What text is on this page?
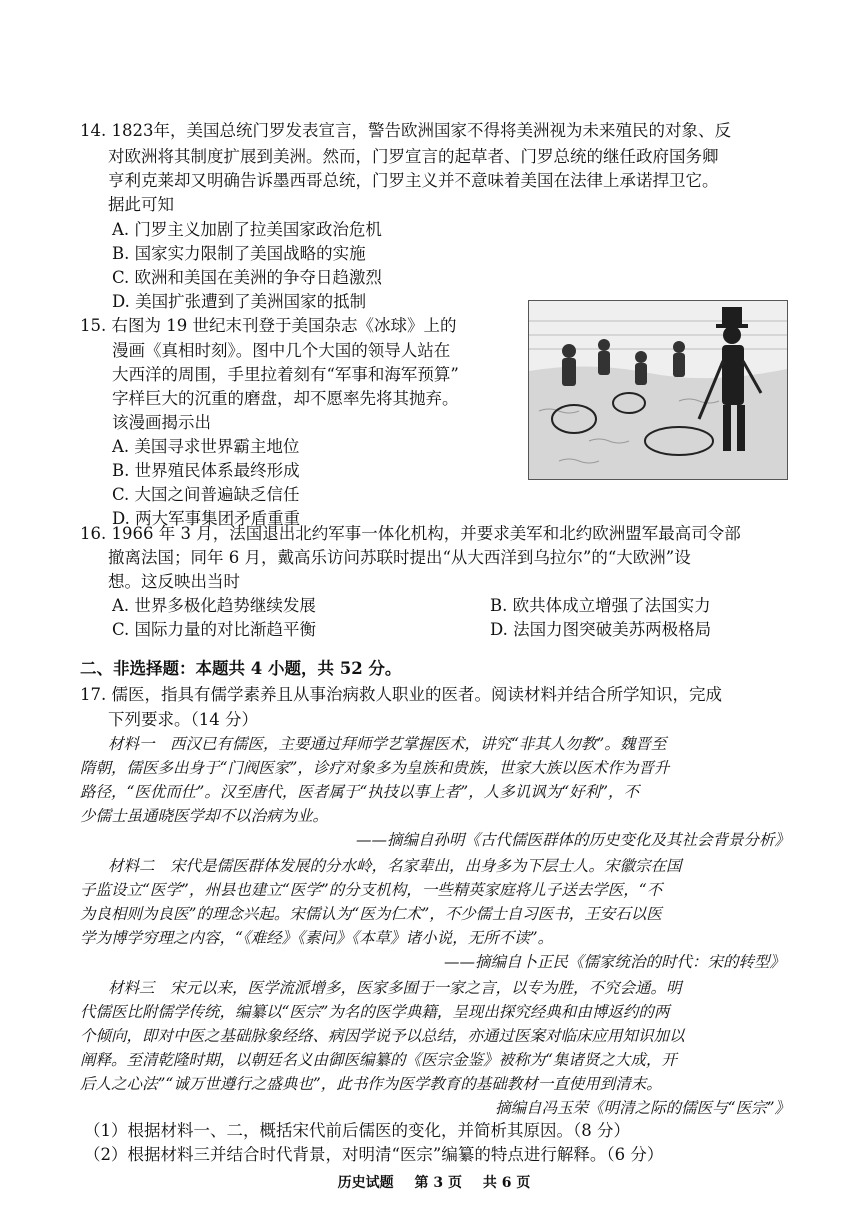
14. 1823年，美国总统门罗发表宣言，警告欧洲国家不得将美洲视为未来殖民的对象、反
对欧洲将其制度扩展到美洲。然而，门罗宣言的起草者、门罗总统的继任政府国务卿
亨利克莱却又明确告诉墨西哥总统，门罗主义并不意味着美国在法律上承诺捍卫它。
据此可知
A. 门罗主义加剧了拉美国家政治危机
B. 国家实力限制了美国战略的实施
C. 欧洲和美国在美洲的争夺日趋激烈
D. 美国扩张遭到了美洲国家的抵制
15. 右图为 19 世纪末刊登于美国杂志《冰球》上的
漫画《真相时刻》。图中几个大国的领导人站在
大西洋的周围，手里拉着刻有“军事和海军预算”
字样巨大的沉重的磨盘，却不愿率先将其抛弃。
该漫画揭示出
A. 美国寻求世界霸主地位
B. 世界殖民体系最终形成
C. 大国之间普遍缺乏信任
D. 两大军事集团矛盾重重
16. 1966 年 3 月，法国退出北约军事一体化机构，并要求美军和北约欧洲盟军最高司令部
撤离法国；同年 6 月，戴高乐访问苏联时提出“从大西洋到乌拉尔”的“大欧洲”设
想。这反映出当时
A. 世界多极化趋势继续发展	B. 欧共体成立增强了法国实力
C. 国际力量的对比渐趋平衡	D. 法国力图突破美苏两极格局
二、非选择题：本题共 4 小题，共 52 分。
17. 儒医，指具有儒学素养且从事治病救人职业的医者。阅读材料并结合所学知识，完成
下列要求。（14 分）
材料一　西汉已有儒医，主要通过拜师学艺掌握医术，讲究“非其人勿教”。魏晋至
隋朝，儒医多出身于“门阀医家”，诊疗对象多为皇族和贵族，世家大族以医术作为晋升
路径，“医优而仕”。汉至唐代，医者属于“执技以事上者”，人多讥讽为“好利”，不
少儒士虽通晓医学却不以治病为业。
——摘编自孙明《古代儒医群体的历史变化及其社会背景分析》
材料二　宋代是儒医群体发展的分水岭，名家辈出，出身多为下层士人。宋徽宗在国
子监设立“医学”，州县也建立“医学”的分支机构，一些精英家庭将儿子送去学医，“不
为良相则为良医”的理念兴起。宋儒认为“医为仁术”，不少儒士自习医书，王安石以医
学为博学穷理之内容，“《难经》《素问》《本草》诸小说，无所不读”。
——摘编自卜正民《儒家统治的时代：宋的转型》
材料三　宋元以来，医学流派增多，医家多囿于一家之言，以专为胜，不究会通。明
代儒医比附儒学传统，编纂以“医宗”为名的医学典籍，呈现出探究经典和由博返约的两
个倾向，即对中医之基础脉象经络、病因学说予以总结，亦通过医案对临床应用知识加以
阐释。至清乾隆时期，以朝廷名义由御医编纂的《医宗金鉴》被称为“集诸贤之大成，开
后人之心法”“诚万世遵行之盛典也”，此书作为医学教育的基础教材一直使用到清末。
摘编自冯玉荣《明清之际的儒医与“医宗”》
（1）根据材料一、二，概括宋代前后儒医的变化，并简析其原因。（8 分）
（2）根据材料三并结合时代背景，对明清“医宗”编纂的特点进行解释。（6 分）
历史试题 第 3 页 共 6 页
